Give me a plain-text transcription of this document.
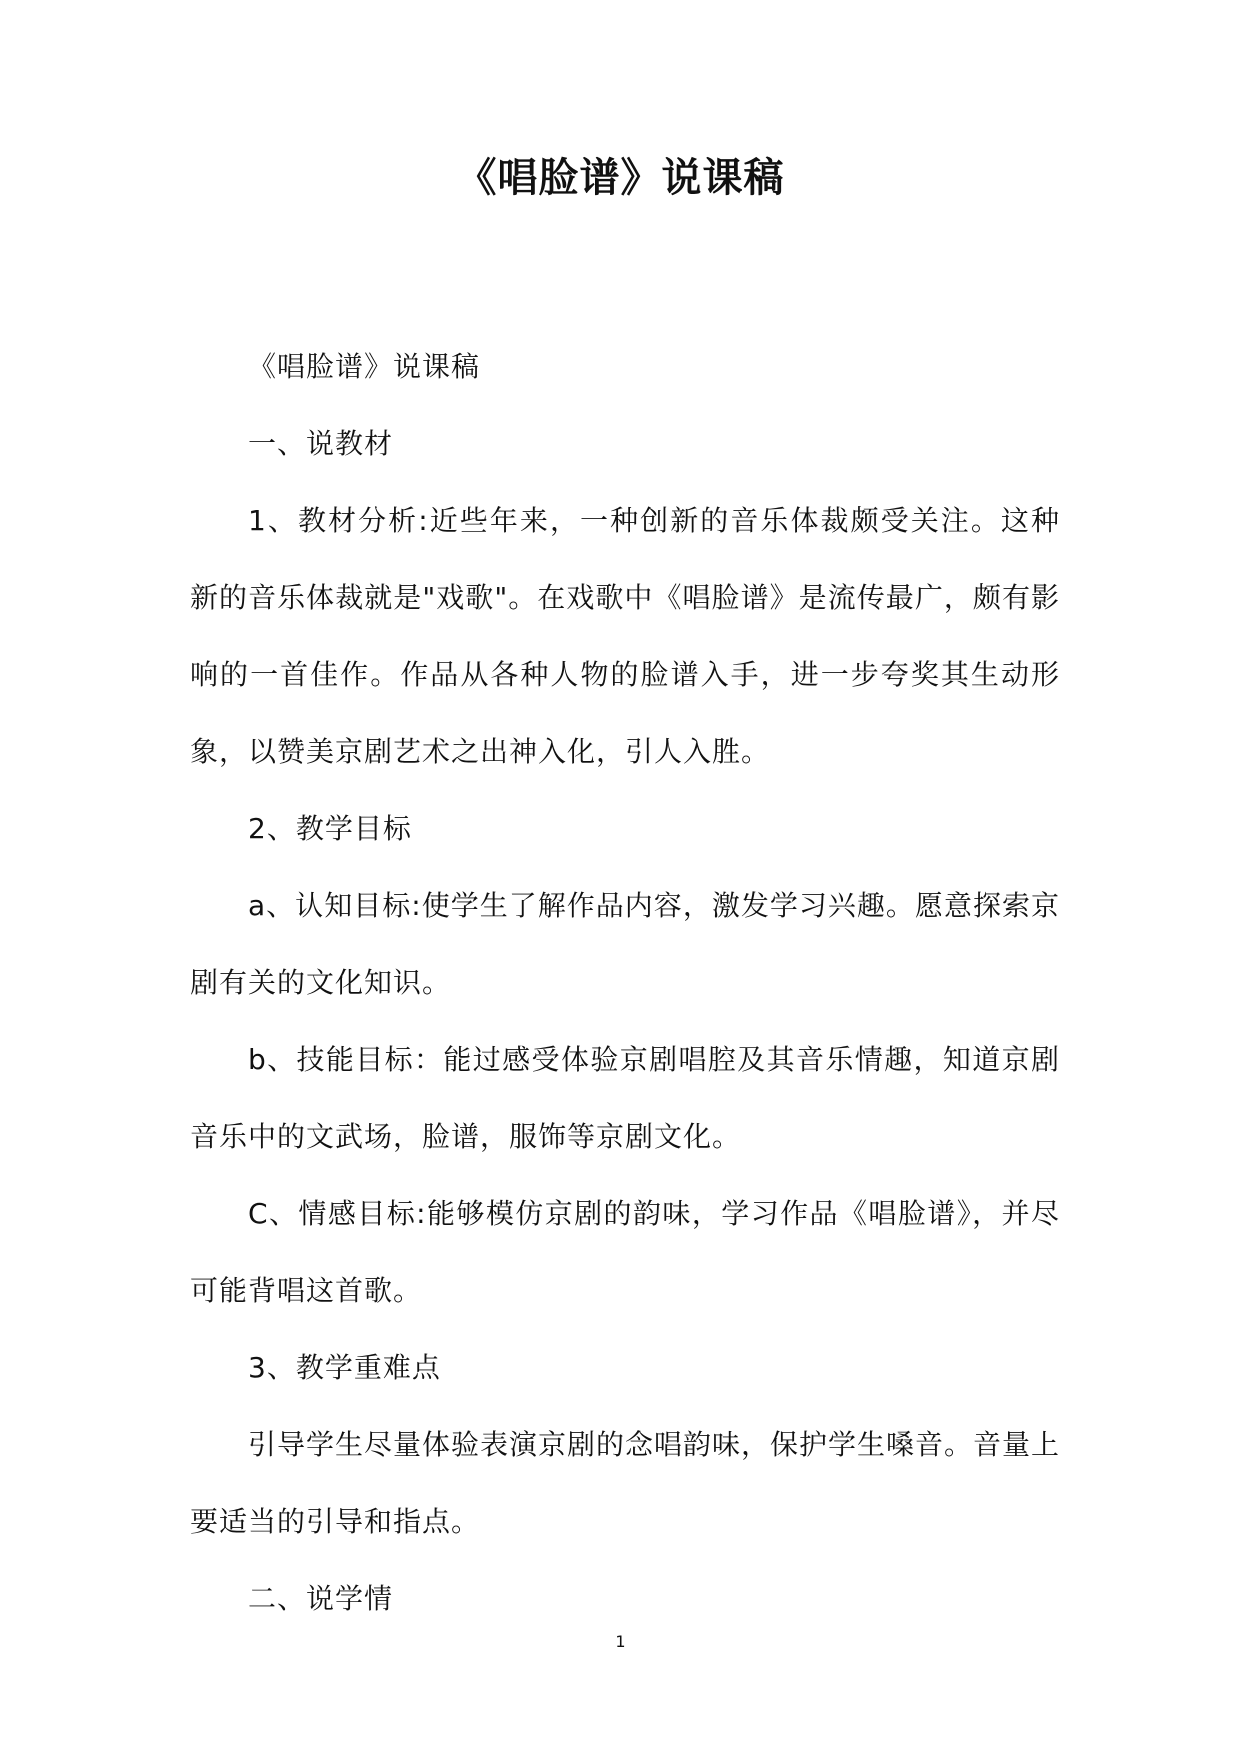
《唱脸谱》说课稿

《唱脸谱》说课稿

一、说教材

1、教材分析:近些年来，一种创新的音乐体裁颇受关注。这种新的音乐体裁就是"戏歌"。在戏歌中《唱脸谱》是流传最广，颇有影响的一首佳作。作品从各种人物的脸谱入手，进一步夸奖其生动形象，以赞美京剧艺术之出神入化，引人入胜。

2、教学目标

a、认知目标:使学生了解作品内容，激发学习兴趣。愿意探索京剧有关的文化知识。

b、技能目标：能过感受体验京剧唱腔及其音乐情趣，知道京剧音乐中的文武场，脸谱，服饰等京剧文化。

C、情感目标:能够模仿京剧的韵味，学习作品《唱脸谱》，并尽可能背唱这首歌。

3、教学重难点

引导学生尽量体验表演京剧的念唱韵味，保护学生嗓音。音量上要适当的引导和指点。

二、说学情

1
